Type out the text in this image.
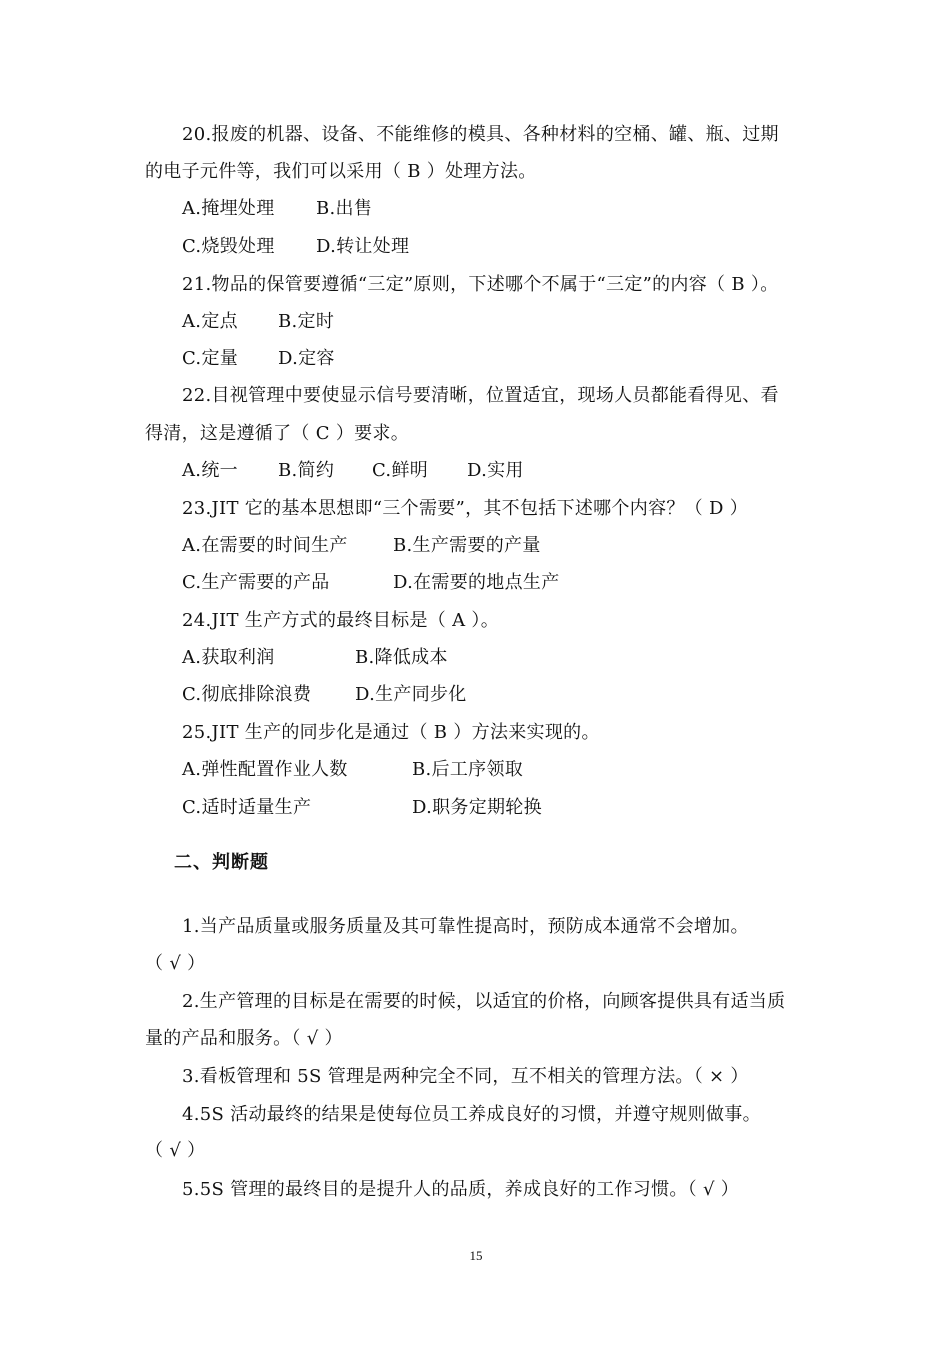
20.报废的机器、设备、不能维修的模具、各种材料的空桶、罐、瓶、过期
的电子元件等，我们可以采用（ B ）处理方法。
A.掩埋处理 B.出售
C.烧毁处理 D.转让处理
21.物品的保管要遵循“三定”原则，下述哪个不属于“三定”的内容（ B ）。
A.定点 B.定时
C.定量 D.定容
22.目视管理中要使显示信号要清晰，位置适宜，现场人员都能看得见、看
得清，这是遵循了（ C ）要求。
A.统一 B.简约 C.鲜明 D.实用
23.JIT 它的基本思想即“三个需要”，其不包括下述哪个内容？（ D ）
A.在需要的时间生产	B.生产需要的产量
C.生产需要的产品	D.在需要的地点生产
24.JIT 生产方式的最终目标是（ A ）。
A.获取利润	B.降低成本
C.彻底排除浪费 D.生产同步化
25.JIT 生产的同步化是通过（ B ）方法来实现的。
A.弹性配置作业人数	B.后工序领取
C.适时适量生产	D.职务定期轮换
二、判断题
1.当产品质量或服务质量及其可靠性提高时，预防成本通常不会增加。
（ √ ）
2.生产管理的目标是在需要的时候，以适宜的价格，向顾客提供具有适当质
量的产品和服务。（ √ ）
3.看板管理和 5S 管理是两种完全不同，互不相关的管理方法。（ × ）
4.5S 活动最终的结果是使每位员工养成良好的习惯，并遵守规则做事。
（ √ ）
5.5S 管理的最终目的是提升人的品质，养成良好的工作习惯。（ √ ）
15
